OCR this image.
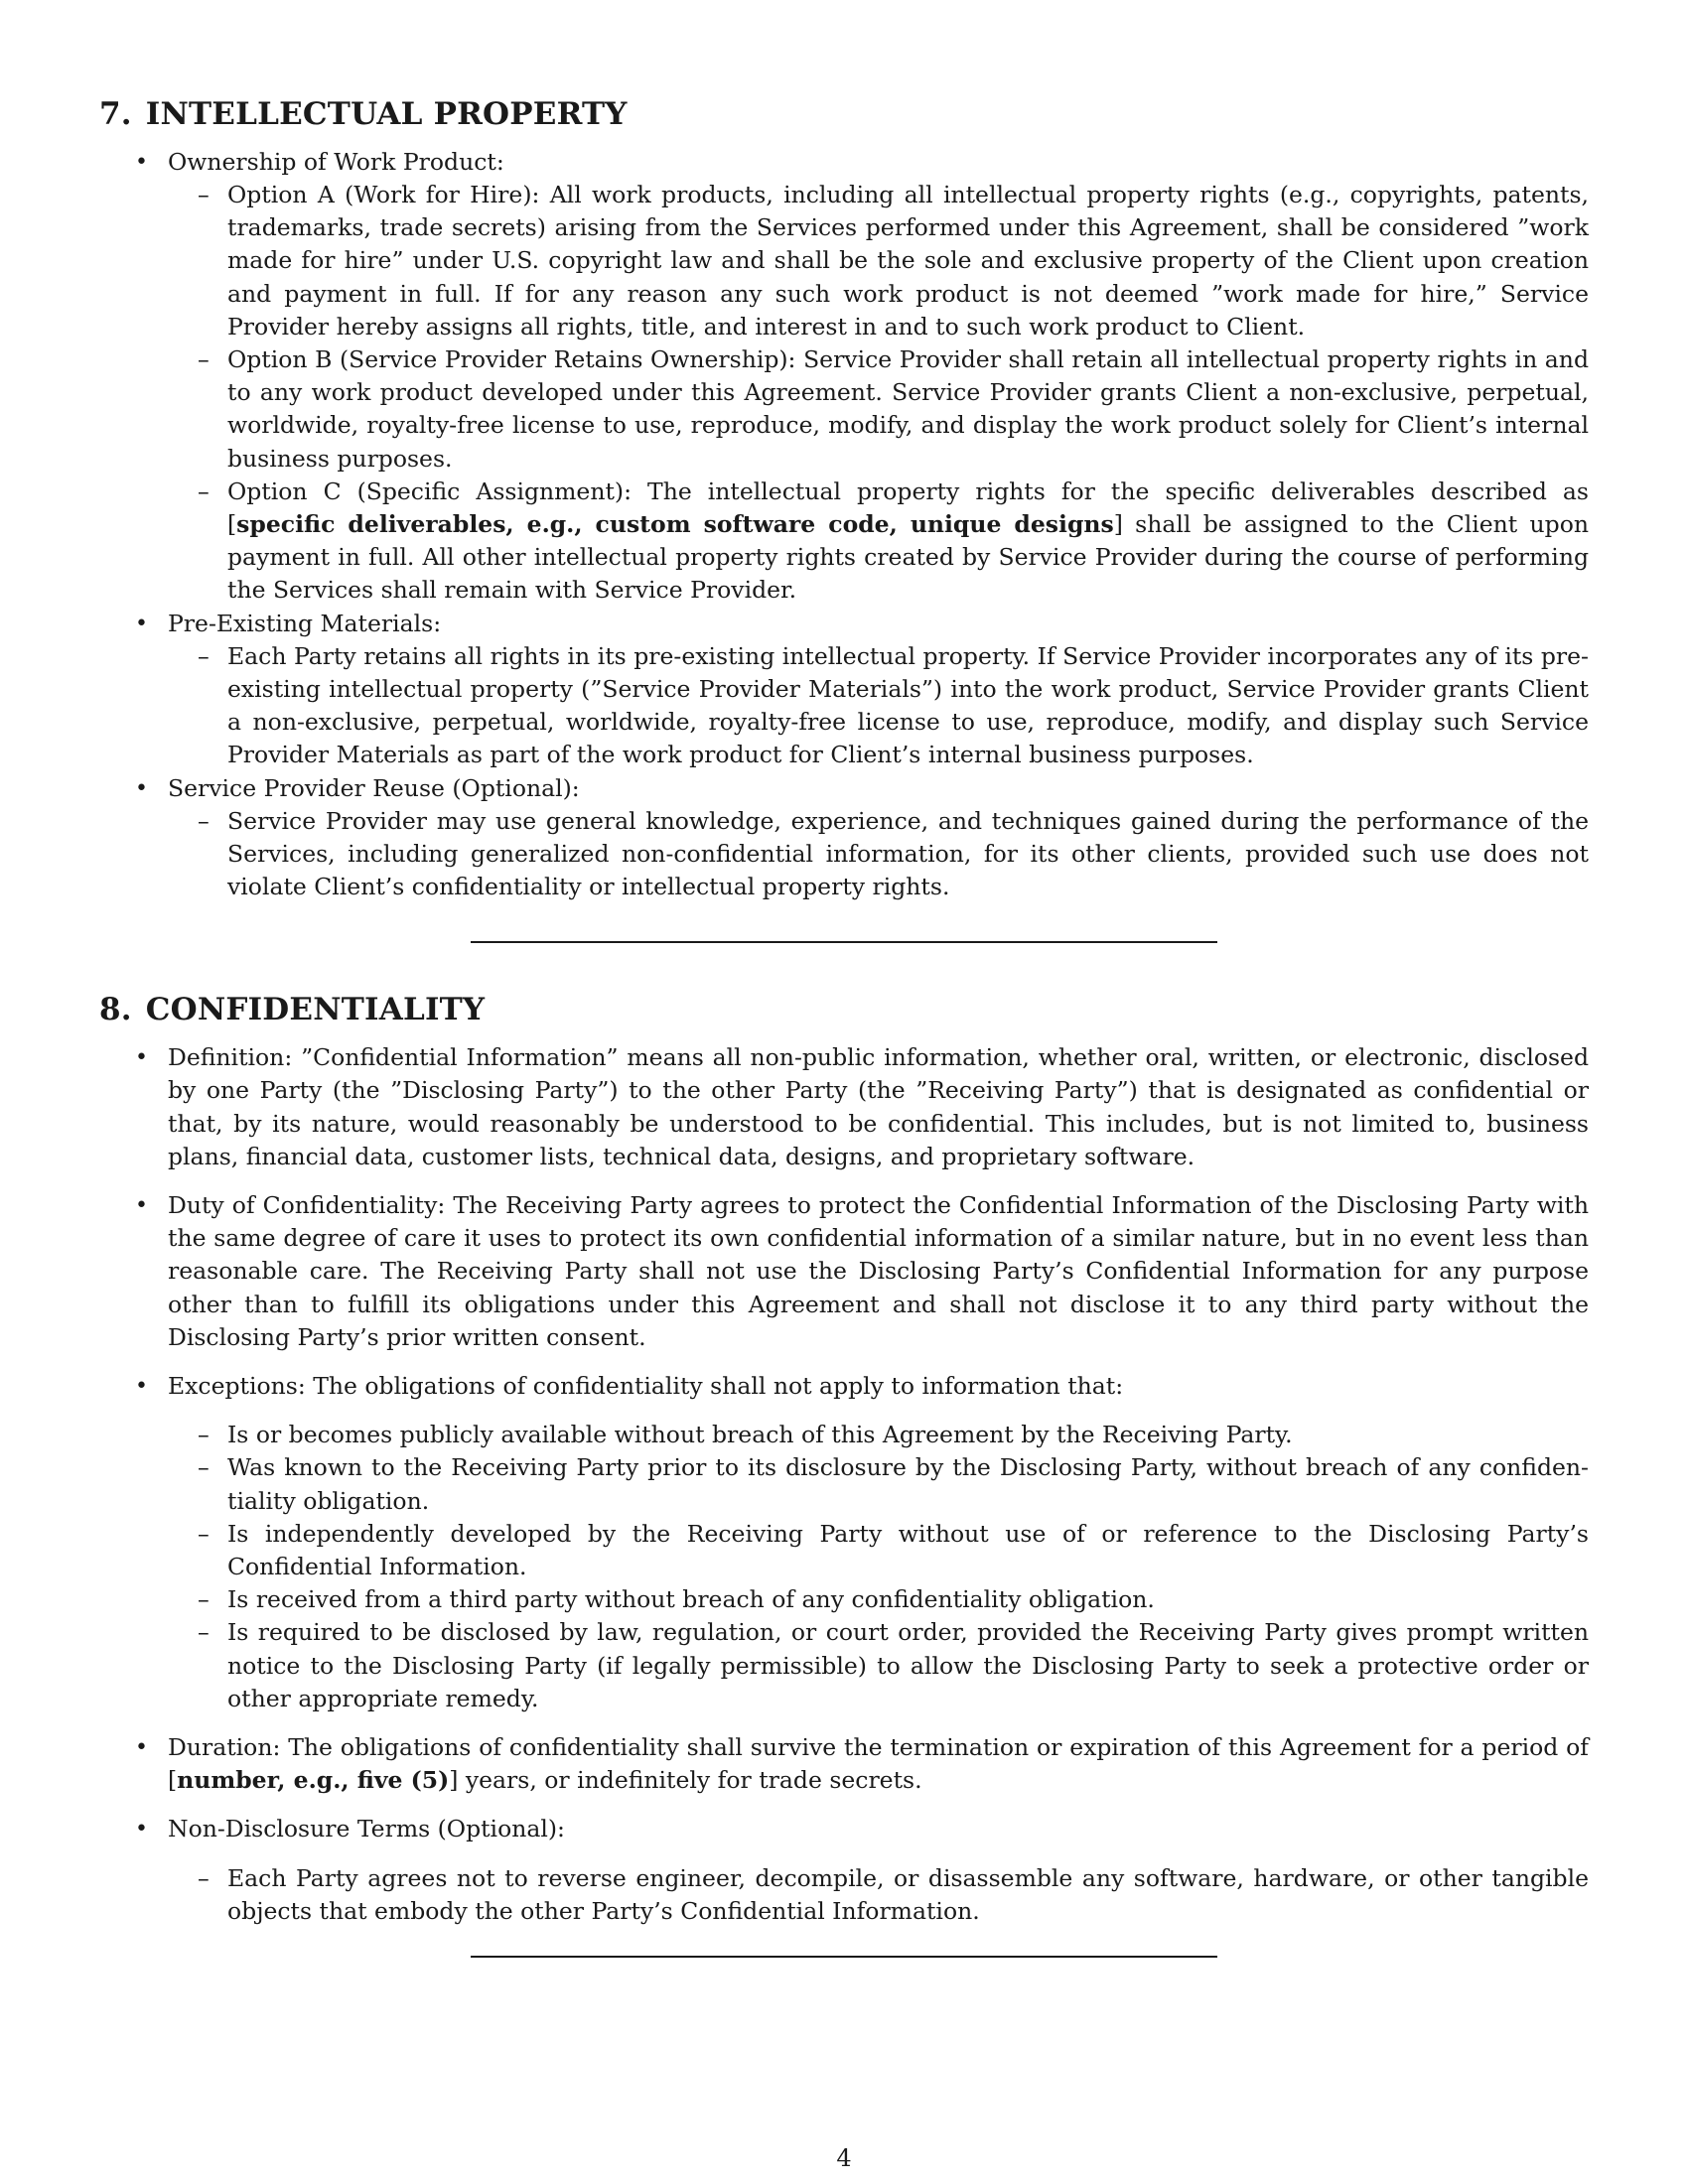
7. INTELLECTUAL PROPERTY
• Ownership of Work Product:
– Option A (Work for Hire): All work products, including all intellectual property rights (e.g., copyrights, patents, trademarks, trade secrets) arising from the Services performed under this Agreement, shall be considered ”work made for hire” under U.S. copyright law and shall be the sole and exclusive property of the Client upon creation and payment in full. If for any reason any such work product is not deemed ”work made for hire,” Service Provider hereby assigns all rights, title, and interest in and to such work product to Client.
– Option B (Service Provider Retains Ownership): Service Provider shall retain all intellectual property rights in and to any work product developed under this Agreement. Service Provider grants Client a non-exclusive, perpetual, worldwide, royalty-free license to use, reproduce, modify, and display the work product solely for Client’s internal business purposes.
– Option C (Specific Assignment): The intellectual property rights for the specific deliverables described as [specific deliverables, e.g., custom software code, unique designs] shall be assigned to the Client upon payment in full. All other intellectual property rights created by Service Provider during the course of performing the Services shall remain with Service Provider.
• Pre-Existing Materials:
– Each Party retains all rights in its pre-existing intellectual property. If Service Provider incorporates any of its pre-existing intellectual property (”Service Provider Materials”) into the work product, Service Provider grants Client a non-exclusive, perpetual, worldwide, royalty-free license to use, reproduce, modify, and display such Service Provider Materials as part of the work product for Client’s internal business purposes.
• Service Provider Reuse (Optional):
– Service Provider may use general knowledge, experience, and techniques gained during the performance of the Services, including generalized non-confidential information, for its other clients, provided such use does not violate Client’s confidentiality or intellectual property rights.
8. CONFIDENTIALITY
• Definition: ”Confidential Information” means all non-public information, whether oral, written, or electronic, disclosed by one Party (the ”Disclosing Party”) to the other Party (the ”Receiving Party”) that is designated as confidential or that, by its nature, would reasonably be understood to be confidential. This includes, but is not limited to, business plans, financial data, customer lists, technical data, designs, and proprietary software.
• Duty of Confidentiality: The Receiving Party agrees to protect the Confidential Information of the Disclosing Party with the same degree of care it uses to protect its own confidential information of a similar nature, but in no event less than reasonable care. The Receiving Party shall not use the Disclosing Party’s Confidential Information for any purpose other than to fulfill its obligations under this Agreement and shall not disclose it to any third party without the Disclosing Party’s prior written consent.
• Exceptions: The obligations of confidentiality shall not apply to information that:
– Is or becomes publicly available without breach of this Agreement by the Receiving Party.
– Was known to the Receiving Party prior to its disclosure by the Disclosing Party, without breach of any confiden-tiality obligation.
– Is independently developed by the Receiving Party without use of or reference to the Disclosing Party’s Confidential Information.
– Is received from a third party without breach of any confidentiality obligation.
– Is required to be disclosed by law, regulation, or court order, provided the Receiving Party gives prompt written notice to the Disclosing Party (if legally permissible) to allow the Disclosing Party to seek a protective order or other appropriate remedy.
• Duration: The obligations of confidentiality shall survive the termination or expiration of this Agreement for a period of [number, e.g., five (5)] years, or indefinitely for trade secrets.
• Non-Disclosure Terms (Optional):
– Each Party agrees not to reverse engineer, decompile, or disassemble any software, hardware, or other tangible objects that embody the other Party’s Confidential Information.
4
